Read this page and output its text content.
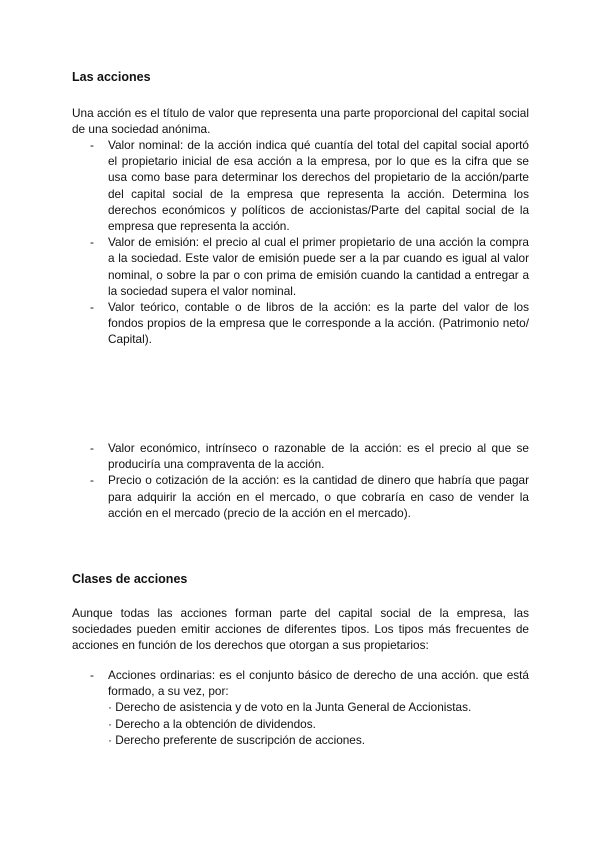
Las acciones

Una acción es el título de valor que representa una parte proporcional del capital social de una sociedad anónima.

- Valor nominal: de la acción indica qué cuantía del total del capital social aportó el propietario inicial de esa acción a la empresa, por lo que es la cifra que se usa como base para determinar los derechos del propietario de la acción/parte del capital social de la empresa que representa la acción. Determina los derechos económicos y políticos de accionistas/Parte del capital social de la empresa que representa la acción.
- Valor de emisión: el precio al cual el primer propietario de una acción la compra a la sociedad. Este valor de emisión puede ser a la par cuando es igual al valor nominal, o sobre la par o con prima de emisión cuando la cantidad a entregar a la sociedad supera el valor nominal.
- Valor teórico, contable o de libros de la acción: es la parte del valor de los fondos propios de la empresa que le corresponde a la acción. (Patrimonio neto/ Capital).
- Valor económico, intrínseco o razonable de la acción: es el precio al que se produciría una compraventa de la acción.
- Precio o cotización de la acción: es la cantidad de dinero que habría que pagar para adquirir la acción en el mercado, o que cobraría en caso de vender la acción en el mercado (precio de la acción en el mercado).
Clases de acciones

Aunque todas las acciones forman parte del capital social de la empresa, las sociedades pueden emitir acciones de diferentes tipos. Los tipos más frecuentes de acciones en función de los derechos que otorgan a sus propietarios:

- Acciones ordinarias: es el conjunto básico de derecho de una acción. que está formado, a su vez, por:
· Derecho de asistencia y de voto en la Junta General de Accionistas.
· Derecho a la obtención de dividendos.
· Derecho preferente de suscripción de acciones.
